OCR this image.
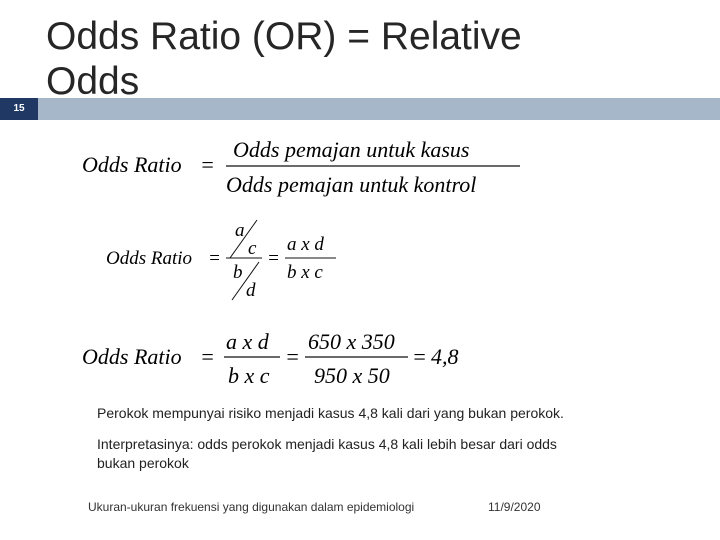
15
Odds Ratio (OR) = Relative
Odds
Odds Ratio =
Odds pemajan untuk kasus
Odds pemajan untuk kontrol
Odds Ratio =
a
c
b
d
=
a x d
b x c
Odds Ratio =
a x d
b x c
=
650 x 350
950 x 50
= 4,8
Perokok mempunyai risiko menjadi kasus 4,8 kali dari yang bukan perokok.
Interpretasinya: odds perokok menjadi kasus 4,8 kali lebih besar dari odds
bukan perokok
Ukuran-ukuran frekuensi yang digunakan dalam epidemiologi	11/9/2020
